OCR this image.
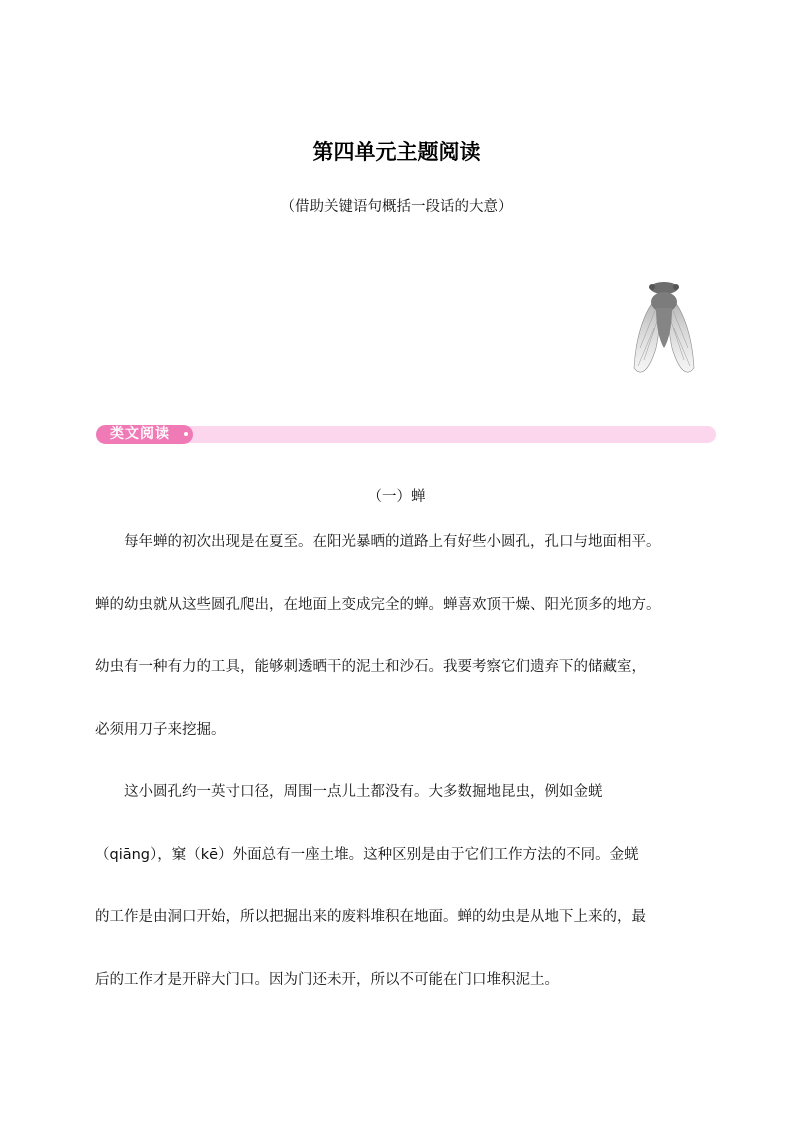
第四单元主题阅读
（借助关键语句概括一段话的大意）
类文阅读
（一）蝉
每年蝉的初次出现是在夏至。在阳光暴晒的道路上有好些小圆孔，孔口与地面相平。
蝉的幼虫就从这些圆孔爬出，在地面上变成完全的蝉。蝉喜欢顶干燥、阳光顶多的地方。
幼虫有一种有力的工具，能够刺透晒干的泥土和沙石。我要考察它们遗弃下的储藏室，
必须用刀子来挖掘。
这小圆孔约一英寸口径，周围一点儿土都没有。大多数掘地昆虫，例如金蜣
（qiāng），窠（kē）外面总有一座土堆。这种区别是由于它们工作方法的不同。金蜣
的工作是由洞口开始，所以把掘出来的废料堆积在地面。蝉的幼虫是从地下上来的，最
后的工作才是开辟大门口。因为门还未开，所以不可能在门口堆积泥土。
